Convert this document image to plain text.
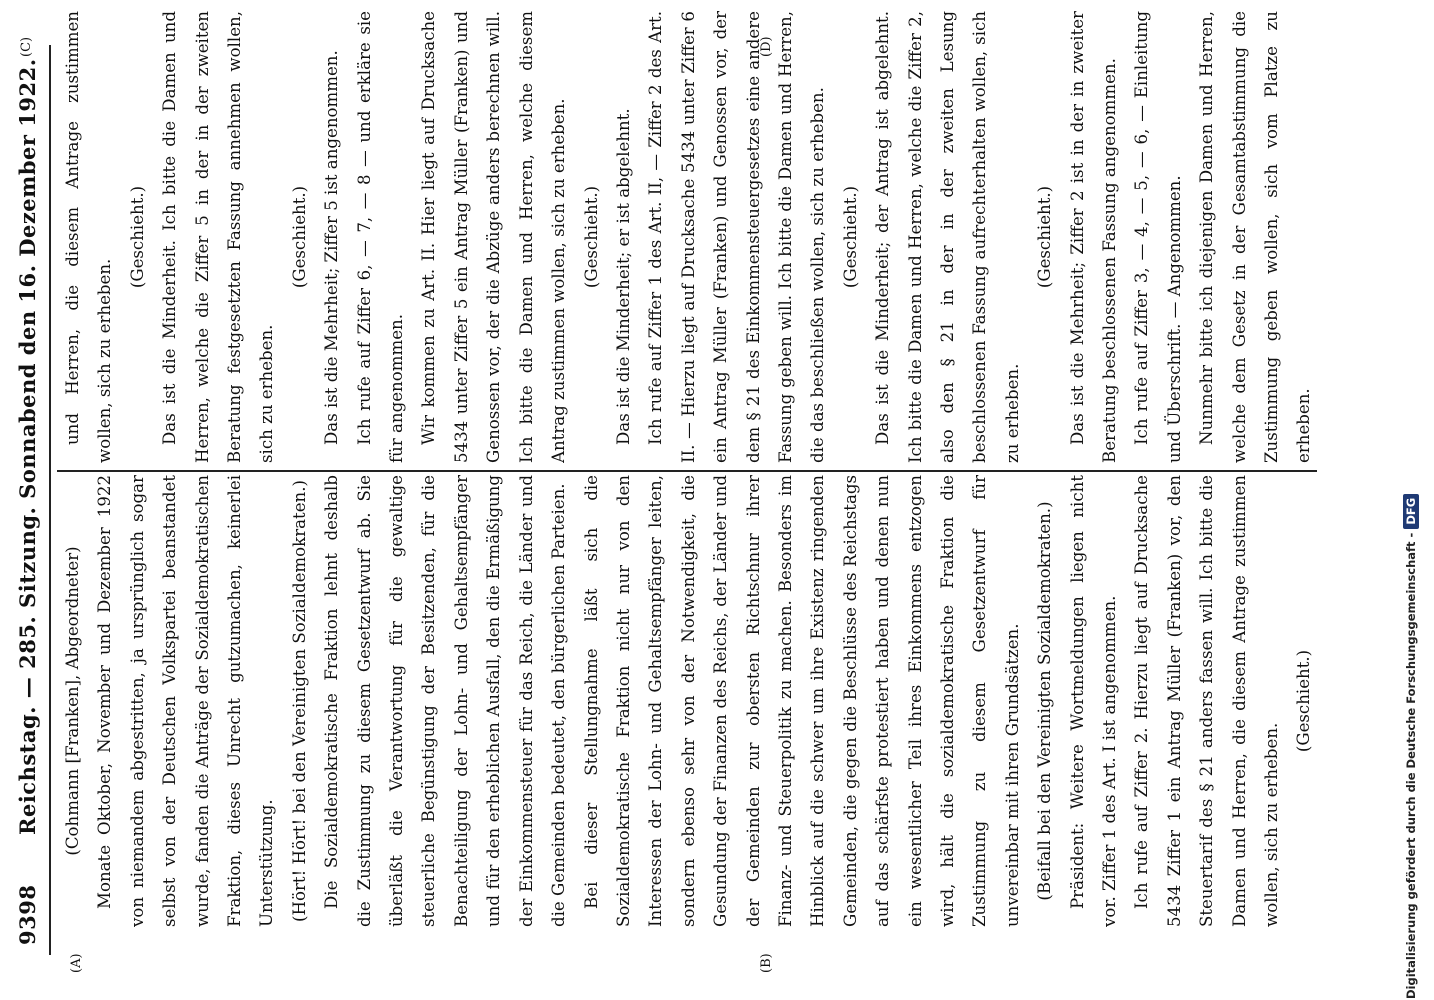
9398
Reichstag. — 285. Sitzung. Sonnabend den 16. Dezember 1922.
(A)	(B)
(C)	(D)

(Cohmann [Franken], Abgeordneter) Monate Oktober, November und Dezember 1922 von niemandem abgestritten, ja ursprünglich sogar selbst von der Deutschen Volkspartei beanstandet wurde, fanden die Anträge der Sozialdemokratischen Fraktion, dieses Unrecht gutzumachen, keinerlei Unterstützung. (Hört! Hört! bei den Vereinigten Sozialdemokraten.) Die Sozialdemokratische Fraktion lehnt deshalb die Zustimmung zu diesem Gesetzentwurf ab. Sie überläßt die Verantwortung für die gewaltige steuerliche Begünstigung der Besitzenden, für die Benachteiligung der Lohn- und Gehaltsempfänger und für den erheblichen Ausfall, den die Ermäßigung der Einkommensteuer für das Reich, die Länder und die Gemeinden bedeutet, den bürgerlichen Parteien. Bei dieser Stellungnahme läßt sich die Sozialdemokratische Fraktion nicht nur von den Interessen der Lohn- und Gehaltsempfänger leiten, sondern ebenso sehr von der Notwendigkeit, die Gesundung der Finanzen des Reichs, der Länder und der Gemeinden zur obersten Richtschnur ihrer Finanz- und Steuerpolitik zu machen. Besonders im Hinblick auf die schwer um ihre Existenz ringenden Gemeinden, die gegen die Beschlüsse des Reichstags auf das schärfste protestiert haben und denen nun ein wesentlicher Teil ihres Einkommens entzogen wird, hält die sozialdemokratische Fraktion die Zustimmung zu diesem Gesetzentwurf für unvereinbar mit ihren Grundsätzen. (Beifall bei den Vereinigten Sozialdemokraten.) Präsident: Weitere Wortmeldungen liegen nicht vor. Ziffer 1 des Art. I ist angenommen. Ich rufe auf Ziffer 2. Hierzu liegt auf Drucksache 5434 Ziffer 1 ein Antrag Müller (Franken) vor, den Steuertarif des § 21 anders fassen will. Ich bitte die Damen und Herren, die diesem Antrage zustimmen wollen, sich zu erheben.

(Geschieht.)

und Herren, die diesem Antrage zustimmen wollen, sich zu erheben.

(Geschieht.) Das ist die Minderheit. Ich bitte die Damen und Herren, welche die Ziffer 5 in der in der zweiten Beratung festgesetzten Fassung annehmen wollen, sich zu erheben.

(Geschieht.) Das ist die Mehrheit; Ziffer 5 ist angenommen. Ich rufe auf Ziffer 6, — 7, — 8 — und erkläre sie für angenommen. Wir kommen zu Art. II. Hier liegt auf Drucksache 5434 unter Ziffer 5 ein Antrag Müller (Franken) und Genossen vor, der die Abzüge anders berechnen will. Ich bitte die Damen und Herren, welche diesem Antrag zustimmen wollen, sich zu erheben. (Geschieht.) Das ist die Minderheit; er ist abgelehnt. Ich rufe auf Ziffer 1 des Art. II, — Ziffer 2 des Art. II. — Hierzu liegt auf Drucksache 5434 unter Ziffer 6 ein Antrag Müller (Franken) und Genossen vor, der dem § 21 des Einkommensteuergesetzes eine andere Fassung geben will. Ich bitte die Damen und Herren, die das beschließen wollen, sich zu erheben. (Geschieht.) Das ist die Minderheit; der Antrag ist abgelehnt. Ich bitte die Damen und Herren, welche die Ziffer 2, also den § 21 in der in der zweiten Lesung beschlossenen Fassung aufrechterhalten wollen, sich zu erheben.

(Geschieht.) Das ist die Mehrheit; Ziffer 2 ist in der in zweiter Beratung beschlossenen Fassung angenommen. Ich rufe auf Ziffer 3, — 4, — 5, — 6, — Einleitung und Überschrift. — Angenommen. Nunmehr bitte ich diejenigen Damen und Herren, welche dem Gesetz in der Gesamtabstimmung die Zustimmung geben wollen, sich vom Platze zu erheben.

Digitalisierung gefördert durch die Deutsche Forschungsgemeinschaft -DFG
